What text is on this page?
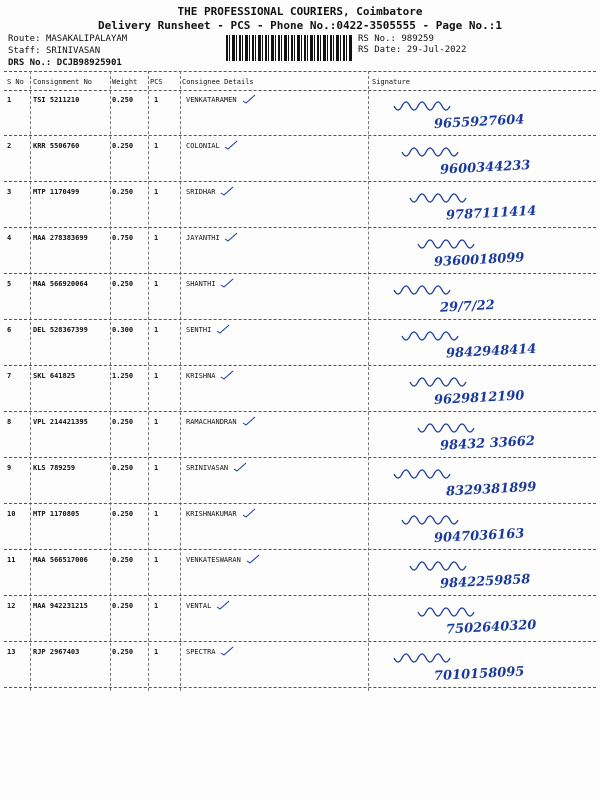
THE PROFESSIONAL COURIERS, Coimbatore
Delivery Runsheet - PCS - Phone No.:0422-3505555 - Page No.:1
Route: MASAKALIPALAYAM
Staff: SRINIVASAN
DRS No.: DCJB98925901
RS No.: 989259
RS Date: 29-Jul-2022
S No Consignment No	Weight PCS	Consignee Details	Signature
1	TSI 5211210	0.250	1	VENKATARAMEN
9655927604
2	KRR 5506760	0.250	1	COLONIAL
9600344233
3	MTP 1170499	0.250	1	SRIDHAR
9787111414
4	MAA 278383699	0.750	1	JAYANTHI
9360018099
5	MAA 566920064	0.250	1	SHANTHI
29/7/22
6	DEL 528367399	0.300	1	SENTHI
9842948414
7	SKL 641825	1.250	1	KRISHNA
9629812190
8	VPL 214421395	0.250	1	RAMACHANDRAN
98432 33662
9	KLS 789259	0.250	1	SRINIVASAN
8329381899
10	MTP 1170805	0.250	1	KRISHNAKUMAR
9047036163
11	MAA 566517006	0.250	1	VENKATESWARAN
9842259858
12	MAA 942231215	0.250	1	VENTAL
7502640320
13	RJP 2967403	0.250	1	SPECTRA
7010158095
